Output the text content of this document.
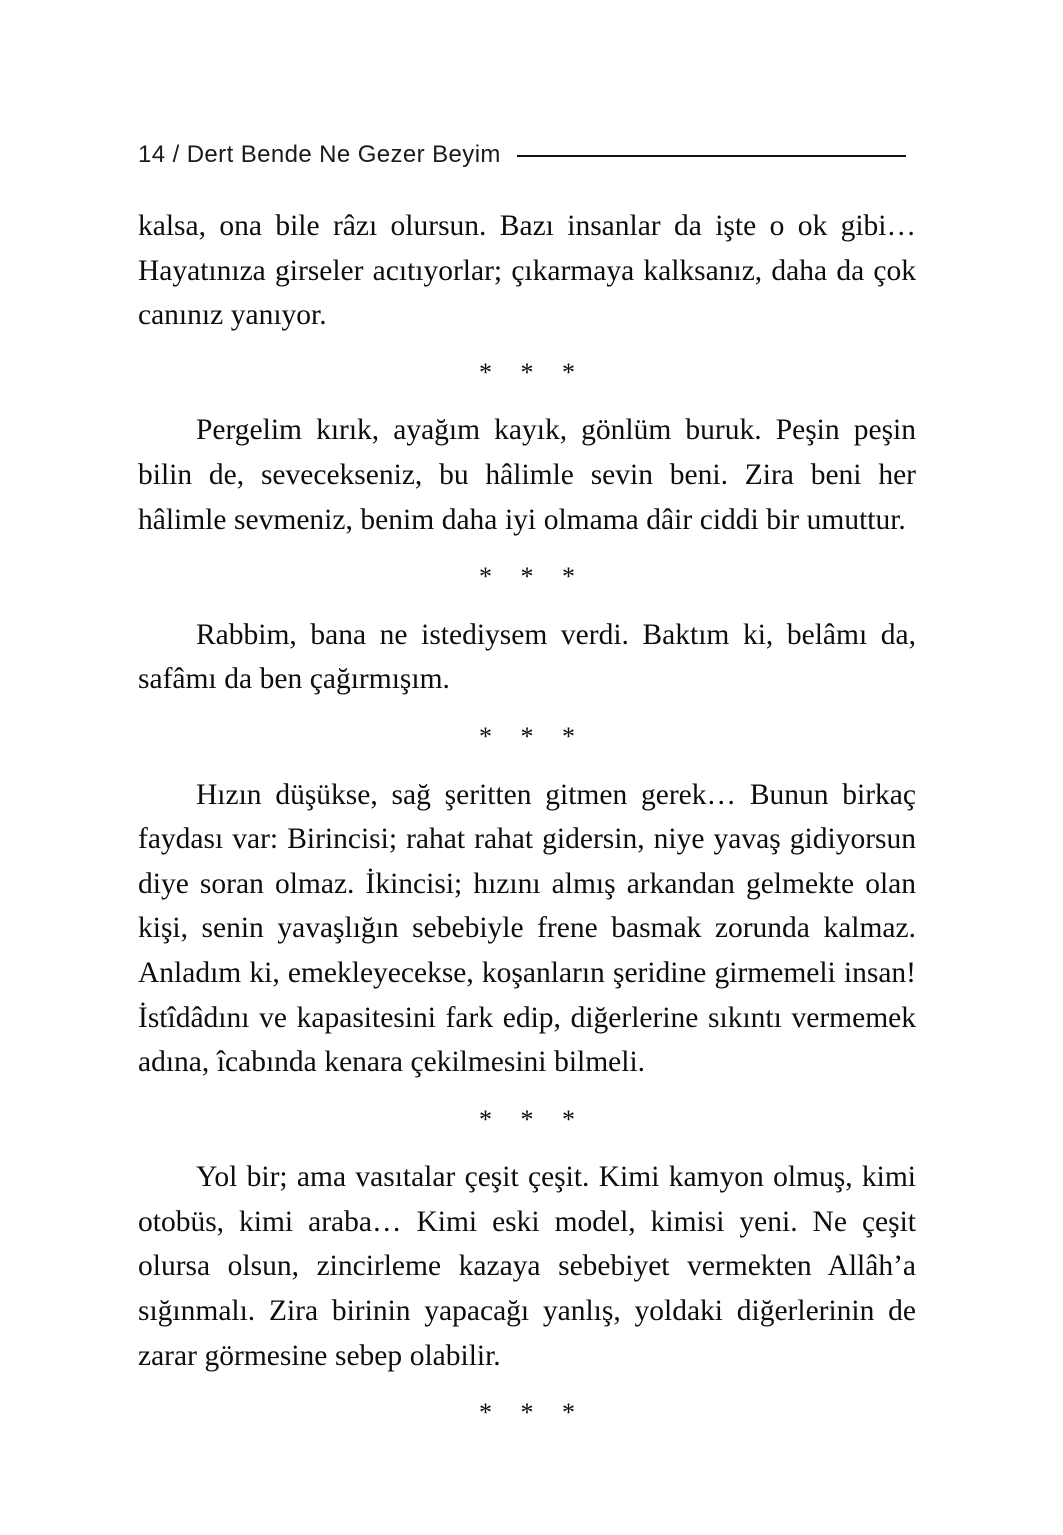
14 / Dert Bende Ne Gezer Beyim

kalsa, ona bile râzı olursun. Bazı insanlar da işte o ok gibi… Hayatınıza girseler acıtıyorlar; çıkarmaya kalksanız, daha da çok canınız yanıyor.

* * *

Pergelim kırık, ayağım kayık, gönlüm buruk. Peşin peşin bilin de, sevecekseniz, bu hâlimle sevin beni. Zira beni her hâlimle sevmeniz, benim daha iyi olmama dâir ciddi bir umuttur.

* * *

Rabbim, bana ne istediysem verdi. Baktım ki, belâmı da, safâmı da ben çağırmışım.

* * *

Hızın düşükse, sağ şeritten gitmen gerek… Bunun birkaç faydası var: Birincisi; rahat rahat gidersin, niye yavaş gidiyorsun diye soran olmaz. İkincisi; hızını almış arkandan gelmekte olan kişi, senin yavaşlığın sebebiyle frene basmak zorunda kalmaz. Anladım ki, emekleyecekse, koşanların şeridine girmemeli insan! İstîdâdını ve kapasitesini fark edip, diğerlerine sıkıntı vermemek adına, îcabında kenara çekilmesini bilmeli.

* * *

Yol bir; ama vasıtalar çeşit çeşit. Kimi kamyon olmuş, kimi otobüs, kimi araba… Kimi eski model, kimisi yeni. Ne çeşit olursa olsun, zincirleme kazaya sebebiyet vermekten Allâh’a sığınmalı. Zira birinin yapacağı yanlış, yoldaki diğerlerinin de zarar görmesine sebep olabilir.

* * *
